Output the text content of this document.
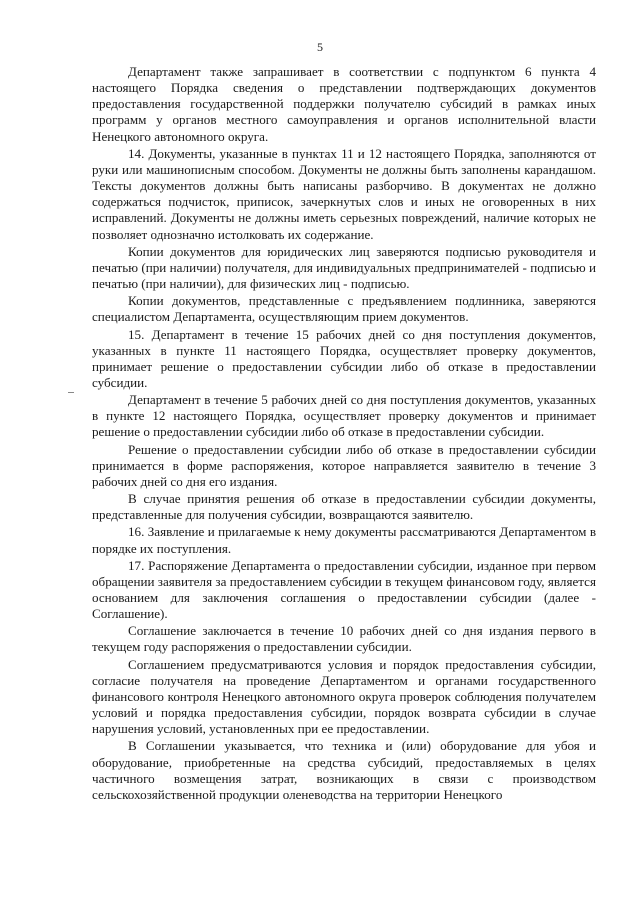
5

Департамент также запрашивает в соответствии с подпунктом 6 пункта 4 настоящего Порядка сведения о представлении подтверждающих документов предоставления государственной поддержки получателю субсидий в рамках иных программ у органов местного самоуправления и органов исполнительной власти Ненецкого автономного округа.

14. Документы, указанные в пунктах 11 и 12 настоящего Порядка, заполняются от руки или машинописным способом. Документы не должны быть заполнены карандашом. Тексты документов должны быть написаны разборчиво. В документах не должно содержаться подчисток, приписок, зачеркнутых слов и иных не оговоренных в них исправлений. Документы не должны иметь серьезных повреждений, наличие которых не позволяет однозначно истолковать их содержание.

Копии документов для юридических лиц заверяются подписью руководителя и печатью (при наличии) получателя, для индивидуальных предпринимателей - подписью и печатью (при наличии), для физических лиц - подписью.

Копии документов, представленные с предъявлением подлинника, заверяются специалистом Департамента, осуществляющим прием документов.

15. Департамент в течение 15 рабочих дней со дня поступления документов, указанных в пункте 11 настоящего Порядка, осуществляет проверку документов, принимает решение о предоставлении субсидии либо об отказе в предоставлении субсидии.

Департамент в течение 5 рабочих дней со дня поступления документов, указанных в пункте 12 настоящего Порядка, осуществляет проверку документов и принимает решение о предоставлении субсидии либо об отказе в предоставлении субсидии.

Решение о предоставлении субсидии либо об отказе в предоставлении субсидии принимается в форме распоряжения, которое направляется заявителю в течение 3 рабочих дней со дня его издания.

В случае принятия решения об отказе в предоставлении субсидии документы, представленные для получения субсидии, возвращаются заявителю.

16. Заявление и прилагаемые к нему документы рассматриваются Департаментом в порядке их поступления.

17. Распоряжение Департамента о предоставлении субсидии, изданное при первом обращении заявителя за предоставлением субсидии в текущем финансовом году, является основанием для заключения соглашения о предоставлении субсидии (далее - Соглашение).

Соглашение заключается в течение 10 рабочих дней со дня издания первого в текущем году распоряжения о предоставлении субсидии.

Соглашением предусматриваются условия и порядок предоставления субсидии, согласие получателя на проведение Департаментом и органами государственного финансового контроля Ненецкого автономного округа проверок соблюдения получателем условий и порядка предоставления субсидии, порядок возврата субсидии в случае нарушения условий, установленных при ее предоставлении.

В Соглашении указывается, что техника и (или) оборудование для убоя и оборудование, приобретенные на средства субсидий, предоставляемых в целях частичного возмещения затрат, возникающих в связи с производством сельскохозяйственной продукции оленеводства на территории Ненецкого
